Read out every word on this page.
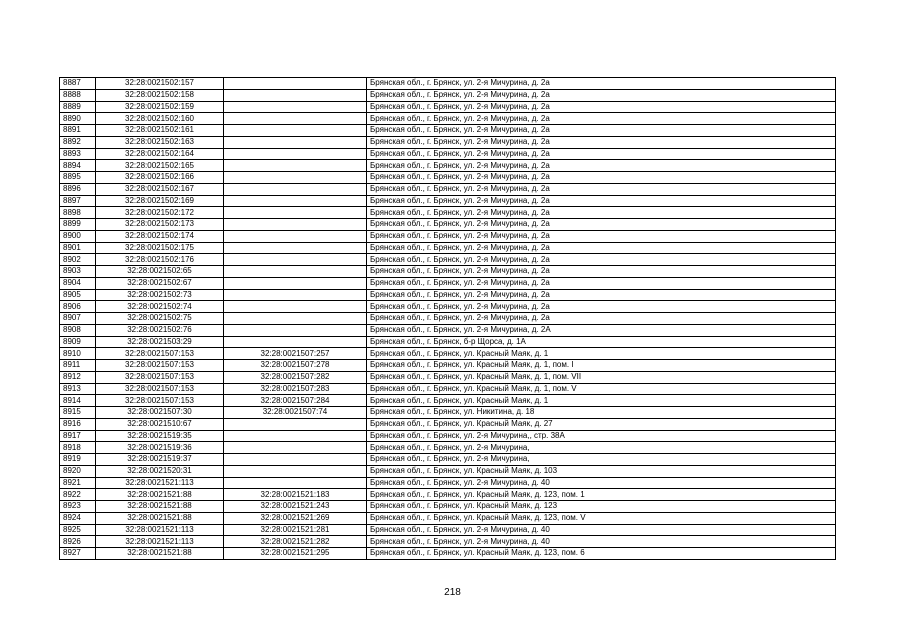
8887	32:28:0021502:157		Брянская обл., г. Брянск, ул. 2-я Мичурина, д. 2а
8888	32:28:0021502:158		Брянская обл., г. Брянск, ул. 2-я Мичурина, д. 2а
8889	32:28:0021502:159		Брянская обл., г. Брянск, ул. 2-я Мичурина, д. 2а
8890	32:28:0021502:160		Брянская обл., г. Брянск, ул. 2-я Мичурина, д. 2а
8891	32:28:0021502:161		Брянская обл., г. Брянск, ул. 2-я Мичурина, д. 2а
8892	32:28:0021502:163		Брянская обл., г. Брянск, ул. 2-я Мичурина, д. 2а
8893	32:28:0021502:164		Брянская обл., г. Брянск, ул. 2-я Мичурина, д. 2а
8894	32:28:0021502:165		Брянская обл., г. Брянск, ул. 2-я Мичурина, д. 2а
8895	32:28:0021502:166		Брянская обл., г. Брянск, ул. 2-я Мичурина, д. 2а
8896	32:28:0021502:167		Брянская обл., г. Брянск, ул. 2-я Мичурина, д. 2а
8897	32:28:0021502:169		Брянская обл., г. Брянск, ул. 2-я Мичурина, д. 2а
8898	32:28:0021502:172		Брянская обл., г. Брянск, ул. 2-я Мичурина, д. 2а
8899	32:28:0021502:173		Брянская обл., г. Брянск, ул. 2-я Мичурина, д. 2а
8900	32:28:0021502:174		Брянская обл., г. Брянск, ул. 2-я Мичурина, д. 2а
8901	32:28:0021502:175		Брянская обл., г. Брянск, ул. 2-я Мичурина, д. 2а
8902	32:28:0021502:176		Брянская обл., г. Брянск, ул. 2-я Мичурина, д. 2а
8903	32:28:0021502:65		Брянская обл., г. Брянск, ул. 2-я Мичурина, д. 2а
8904	32:28:0021502:67		Брянская обл., г. Брянск, ул. 2-я Мичурина, д. 2а
8905	32:28:0021502:73		Брянская обл., г. Брянск, ул. 2-я Мичурина, д. 2а
8906	32:28:0021502:74		Брянская обл., г. Брянск, ул. 2-я Мичурина, д. 2а
8907	32:28:0021502:75		Брянская обл., г. Брянск, ул. 2-я Мичурина, д. 2а
8908	32:28:0021502:76		Брянская обл., г. Брянск, ул. 2-я Мичурина, д. 2А
8909	32:28:0021503:29		Брянская обл., г. Брянск, б-р Щорса, д. 1А
8910	32:28:0021507:153	32:28:0021507:257	Брянская обл., г. Брянск, ул. Красный Маяк, д. 1
8911	32:28:0021507:153	32:28:0021507:278	Брянская обл., г. Брянск, ул. Красный Маяк, д. 1, пом. I
8912	32:28:0021507:153	32:28:0021507:282	Брянская обл., г. Брянск, ул. Красный Маяк, д. 1, пом. VII
8913	32:28:0021507:153	32:28:0021507:283	Брянская обл., г. Брянск, ул. Красный Маяк, д. 1, пом. V
8914	32:28:0021507:153	32:28:0021507:284	Брянская обл., г. Брянск, ул. Красный Маяк, д. 1
8915	32:28:0021507:30	32:28:0021507:74	Брянская обл., г. Брянск, ул. Никитина, д. 18
8916	32:28:0021510:67		Брянская обл., г. Брянск, ул. Красный Маяк, д. 27
8917	32:28:0021519:35		Брянская обл., г. Брянск, ул. 2-я Мичурина,, стр. 38А
8918	32:28:0021519:36		Брянская обл., г. Брянск, ул. 2-я Мичурина,
8919	32:28:0021519:37		Брянская обл., г. Брянск, ул. 2-я Мичурина,
8920	32:28:0021520:31		Брянская обл., г. Брянск, ул. Красный Маяк, д. 103
8921	32:28:0021521:113		Брянская обл., г. Брянск, ул. 2-я Мичурина, д. 40
8922	32:28:0021521:88	32:28:0021521:183	Брянская обл., г. Брянск, ул. Красный Маяк, д. 123, пом. 1
8923	32:28:0021521:88	32:28:0021521:243	Брянская обл., г. Брянск, ул. Красный Маяк, д. 123
8924	32:28:0021521:88	32:28:0021521:269	Брянская обл., г. Брянск, ул. Красный Маяк, д. 123, пом. V
8925	32:28:0021521:113	32:28:0021521:281	Брянская обл., г. Брянск, ул. 2-я Мичурина, д. 40
8926	32:28:0021521:113	32:28:0021521:282	Брянская обл., г. Брянск, ул. 2-я Мичурина, д. 40
8927	32:28:0021521:88	32:28:0021521:295	Брянская обл., г. Брянск, ул. Красный Маяк, д. 123, пом. 6
218
